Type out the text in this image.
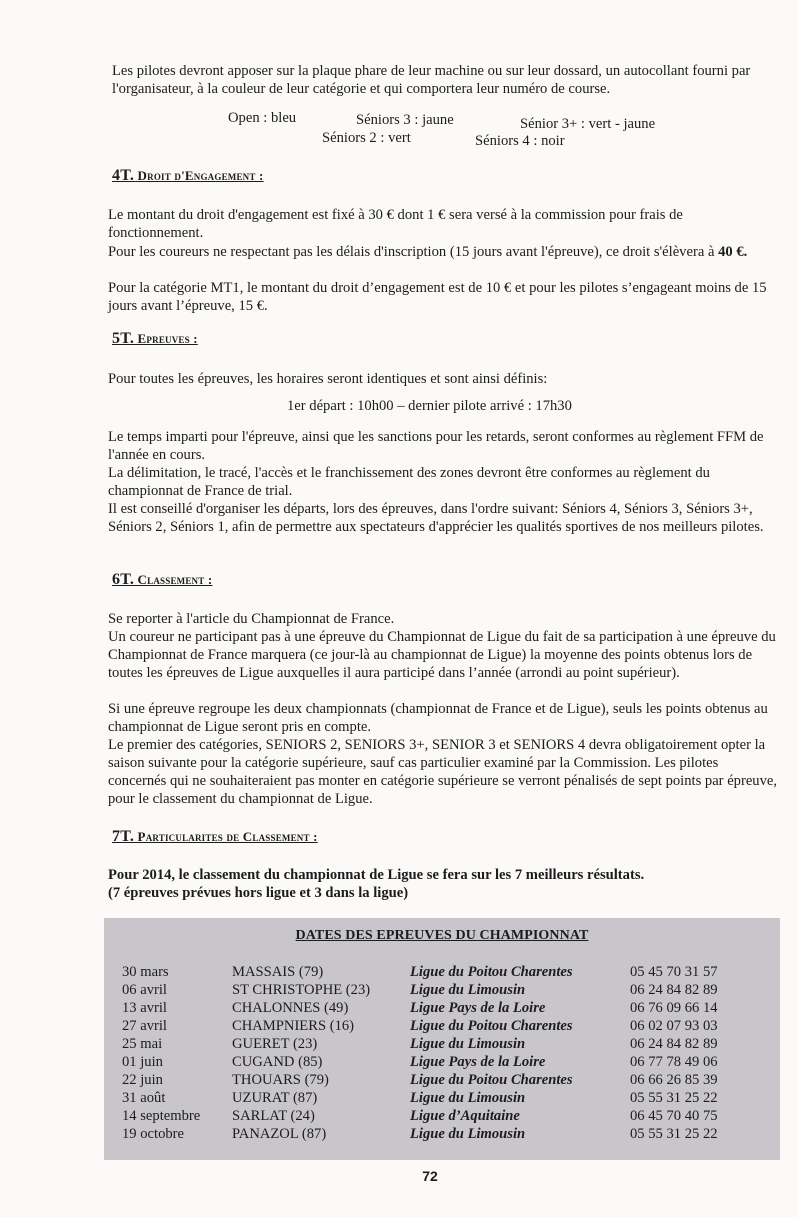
Les pilotes devront apposer sur la plaque phare de leur machine ou sur leur dossard, un autocollant fourni par l'organisateur, à la couleur de leur catégorie et qui comportera leur numéro de course.

Open : bleu	Séniors 3 : jaune	Sénior 3+ : vert - jaune
Séniors 2 : vert	Séniors 4 : noir
4T. Droit d'Engagement :

Le montant du droit d'engagement est fixé à 30 € dont 1 € sera versé à la commission pour frais de fonctionnement.

Pour les coureurs ne respectant pas les délais d'inscription (15 jours avant l'épreuve), ce droit s'élèvera à 40 €.

Pour la catégorie MT1, le montant du droit d’engagement est de 10 € et pour les pilotes s’engageant moins de 15 jours avant l’épreuve, 15 €.

5T. Epreuves :

Pour toutes les épreuves, les horaires seront identiques et sont ainsi définis:

1er départ : 10h00 – dernier pilote arrivé : 17h30

Le temps imparti pour l'épreuve, ainsi que les sanctions pour les retards, seront conformes au règlement FFM de l'année en cours.

La délimitation, le tracé, l'accès et le franchissement des zones devront être conformes au règlement du championnat de France de trial.

Il est conseillé d'organiser les départs, lors des épreuves, dans l'ordre suivant: Séniors 4, Séniors 3, Séniors 3+, Séniors 2, Séniors 1, afin de permettre aux spectateurs d'apprécier les qualités sportives de nos meilleurs pilotes.

6T. Classement :

Se reporter à l'article du Championnat de France.

Un coureur ne participant pas à une épreuve du Championnat de Ligue du fait de sa participation à une épreuve du Championnat de France marquera (ce jour-là au championnat de Ligue) la moyenne des points obtenus lors de toutes les épreuves de Ligue auxquelles il aura participé dans l’année (arrondi au point supérieur).

Si une épreuve regroupe les deux championnats (championnat de France et de Ligue), seuls les points obtenus au championnat de Ligue seront pris en compte.

Le premier des catégories, SENIORS 2, SENIORS 3+, SENIOR 3 et SENIORS 4 devra obligatoirement opter la saison suivante pour la catégorie supérieure, sauf cas particulier examiné par la Commission. Les pilotes concernés qui ne souhaiteraient pas monter en catégorie supérieure se verront pénalisés de sept points par épreuve, pour le classement du championnat de Ligue.

7T. Particularites de Classement :

Pour 2014, le classement du championnat de Ligue se fera sur les 7 meilleurs résultats.

(7 épreuves prévues hors ligue et 3 dans la ligue)

DATES DES EPREUVES DU CHAMPIONNAT
30 mars	MASSAIS (79)	Ligue du Poitou Charentes	05 45 70 31 57
06 avril	ST CHRISTOPHE (23)	Ligue du Limousin	06 24 84 82 89
13 avril	CHALONNES (49)	Ligue Pays de la Loire	06 76 09 66 14
27 avril	CHAMPNIERS (16)	Ligue du Poitou Charentes	06 02 07 93 03
25 mai	GUERET (23)	Ligue du Limousin	06 24 84 82 89
01 juin	CUGAND (85)	Ligue Pays de la Loire	06 77 78 49 06
22 juin	THOUARS (79)	Ligue du Poitou Charentes	06 66 26 85 39
31 août	UZURAT (87)	Ligue du Limousin	05 55 31 25 22
14 septembre SARLAT (24)	Ligue d’Aquitaine	06 45 70 40 75
19 octobre	PANAZOL (87)	Ligue du Limousin	05 55 31 25 22
72
